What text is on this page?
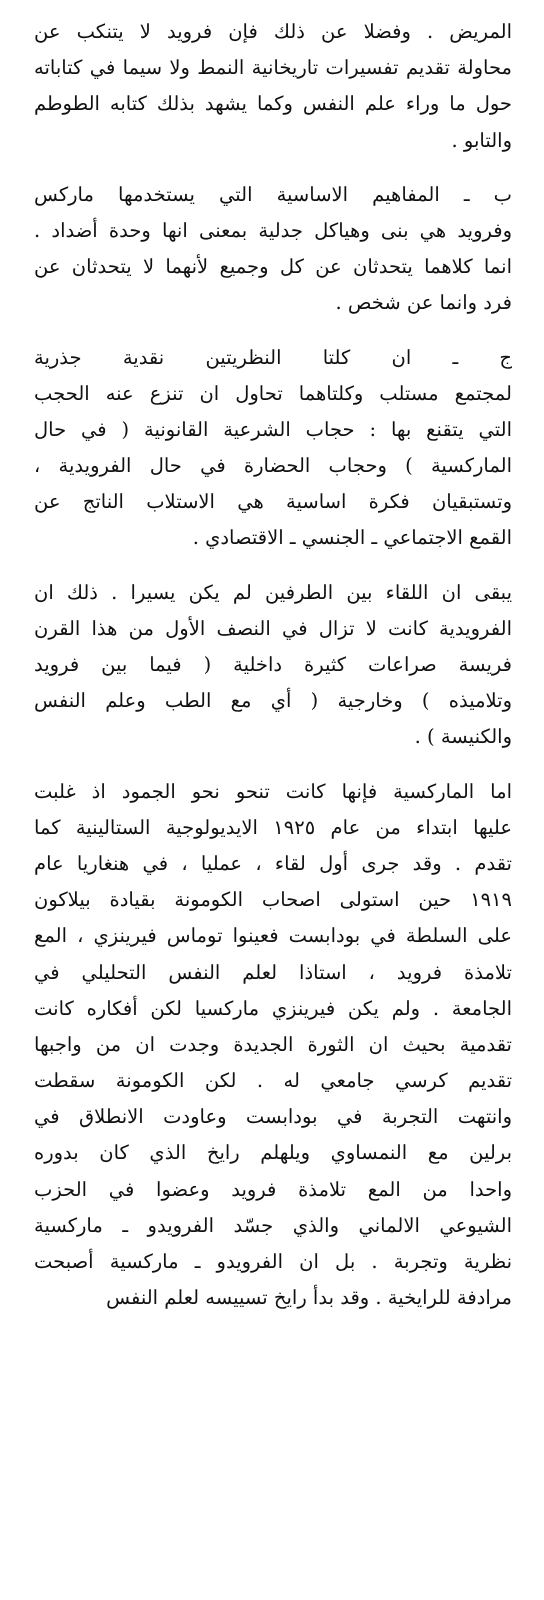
المريض . وفضلا عن ذلك فإن فرويد لا يتنكب عن
محاولة تقديم تفسيرات تاريخانية النمط ولا سيما في كتاباته
حول ما وراء علم النفس وكما يشهد بذلك كتابه الطوطم
والتابو .
ب ـ المفاهيم الاساسية التي يستخدمها ماركس
وفرويد هي بنى وهياكل جدلية بمعنى انها وحدة أضداد .
انما كلاهما يتحدثان عن كل وجميع لأنهما لا يتحدثان عن
فرد وانما عن شخص .
ج ـ ان كلتا النظريتين نقدية جذرية
لمجتمع مستلب وكلتاهما تحاول ان تنزع عنه الحجب
التي يتقنع بها : حجاب الشرعية القانونية ( في حال
الماركسية ) وحجاب الحضارة في حال الفرويدية ،
وتستبقيان فكرة اساسية هي الاستلاب الناتج عن
القمع الاجتماعي ـ الجنسي ـ الاقتصادي .
يبقى ان اللقاء بين الطرفين لم يكن يسيرا . ذلك ان
الفرويدية كانت لا تزال في النصف الأول من هذا القرن
فريسة صراعات كثيرة داخلية ( فيما بين فرويد
وتلاميذه ) وخارجية ( أي مع الطب وعلم النفس
والكنيسة ) .
اما الماركسية فإنها كانت تنحو نحو الجمود اذ غلبت
عليها ابتداء من عام ١٩٢٥ الايديولوجية الستالينية كما
تقدم . وقد جرى أول لقاء ، عمليا ، في هنغاريا عام
١٩١٩ حين استولى اصحاب الكومونة بقيادة بيلاكون
على السلطة في بودابست فعينوا توماس فيرينزي ، المع
تلامذة فرويد ، استاذا لعلم النفس التحليلي في
الجامعة . ولم يكن فيرينزي ماركسيا لكن أفكاره كانت
تقدمية بحيث ان الثورة الجديدة وجدت ان من واجبها
تقديم كرسي جامعي له . لكن الكومونة سقطت
وانتهت التجربة في بودابست وعاودت الانطلاق في
برلين مع النمساوي ويلهلم رايخ الذي كان بدوره
واحدا من المع تلامذة فرويد وعضوا في الحزب
الشيوعي الالماني والذي جسّد الفرويدو ـ ماركسية
نظرية وتجربة . بل ان الفرويدو ـ ماركسية أصبحت
مرادفة للرايخية . وقد بدأ رايخ تسييسه لعلم النفس
